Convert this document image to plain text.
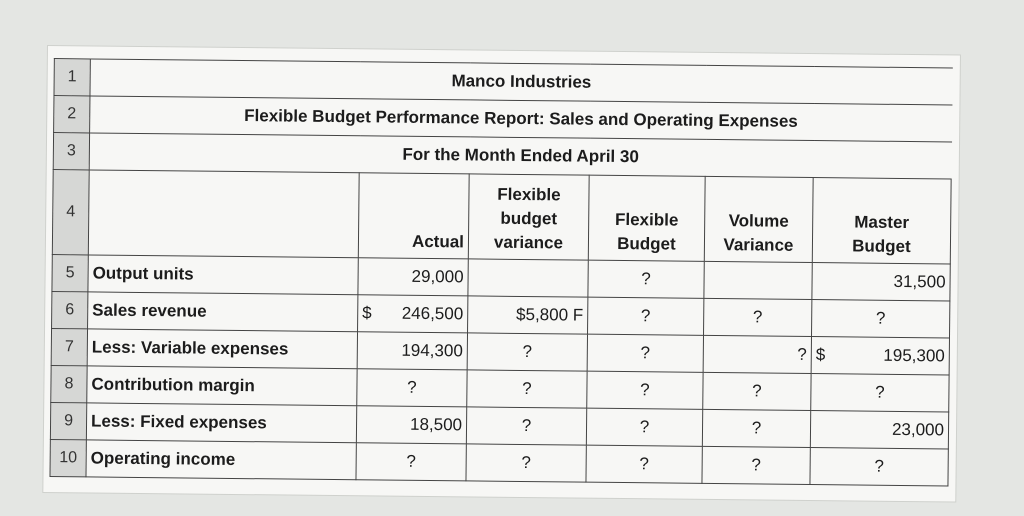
1	Manco Industries					
2	Flexible Budget Performance Report: Sales and Operating Expenses					
3	For the Month Ended April 30					
4		Actual	Flexible
budget
variance	Flexible
Budget	Volume
Variance	Master
Budget
5	Output units	29,000		?		31,500
6	Sales revenue	$ 246,500	$5,800 F	?	?	?
7	Less: Variable expenses	194,300	?	?	?	$ 195,300
8	Contribution margin	?	?	?	?	?
9	Less: Fixed expenses	18,500	?	?	?	23,000
10	Operating income	?	?	?	?	?
